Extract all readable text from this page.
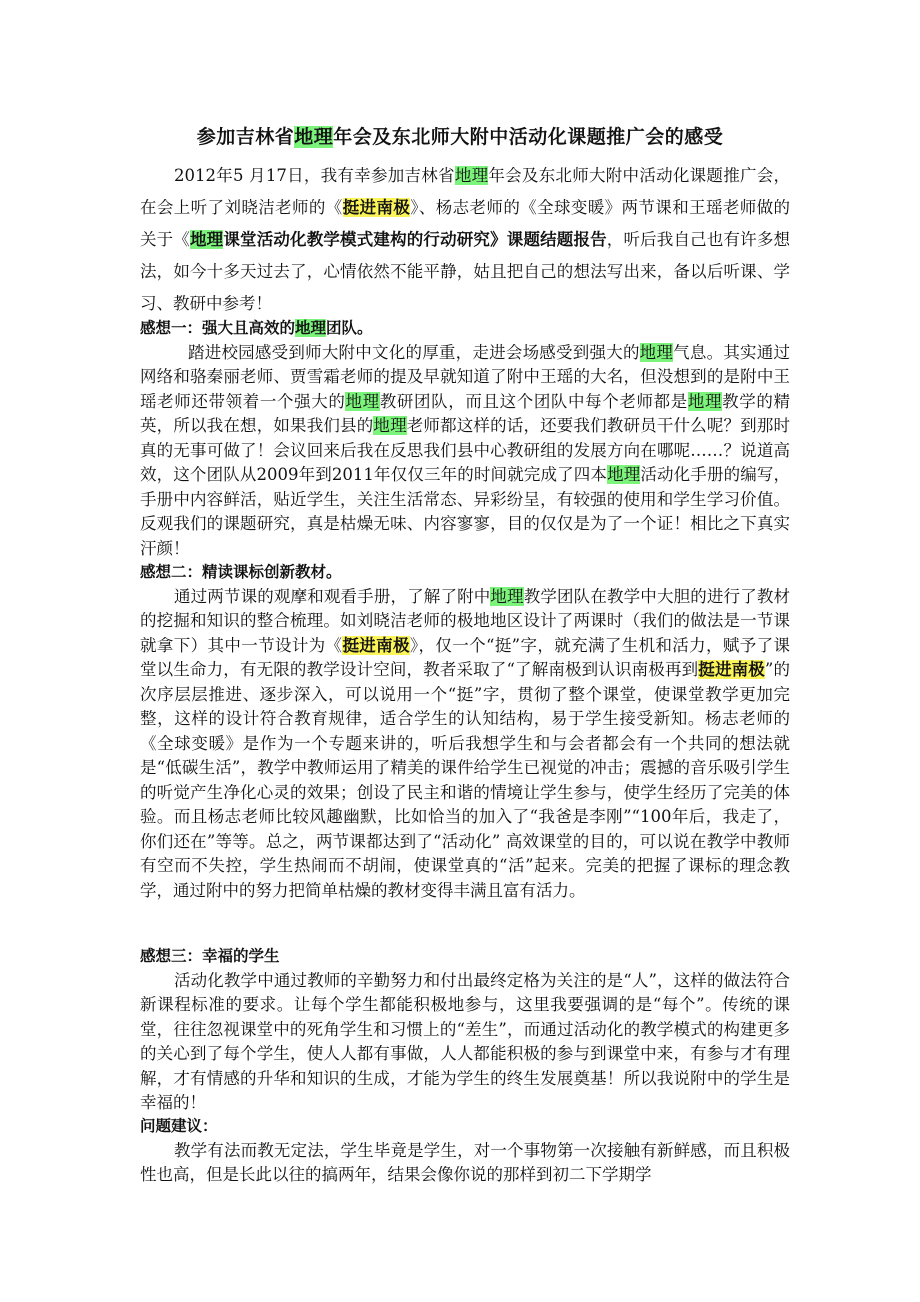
参加吉林省地理年会及东北师大附中活动化课题推广会的感受
2012年5 月17日，我有幸参加吉林省地理年会及东北师大附中活动化课题推广会，在会上听了刘晓洁老师的《挺进南极》、杨志老师的《全球变暖》两节课和王瑶老师做的关于《地理课堂活动化教学模式建构的行动研究》课题结题报告，听后我自己也有许多想法，如今十多天过去了，心情依然不能平静，姑且把自己的想法写出来，备以后听课、学习、教研中参考！
感想一：强大且高效的地理团队。
踏进校园感受到师大附中文化的厚重，走进会场感受到强大的地理气息。其实通过网络和骆秦丽老师、贾雪霜老师的提及早就知道了附中王瑶的大名，但没想到的是附中王瑶老师还带领着一个强大的地理教研团队，而且这个团队中每个老师都是地理教学的精英，所以我在想，如果我们县的地理老师都这样的话，还要我们教研员干什么呢？到那时真的无事可做了！会议回来后我在反思我们县中心教研组的发展方向在哪呢……？说道高效，这个团队从2009年到2011年仅仅三年的时间就完成了四本地理活动化手册的编写，手册中内容鲜活，贴近学生，关注生活常态、异彩纷呈，有较强的使用和学生学习价值。反观我们的课题研究，真是枯燥无味、内容寥寥，目的仅仅是为了一个证！相比之下真实汗颜！
感想二：精读课标创新教材。
通过两节课的观摩和观看手册，了解了附中地理教学团队在教学中大胆的进行了教材的挖掘和知识的整合梳理。如刘晓洁老师的极地地区设计了两课时（我们的做法是一节课就拿下）其中一节设计为《挺进南极》，仅一个“挺”字，就充满了生机和活力，赋予了课堂以生命力，有无限的教学设计空间，教者采取了“了解南极到认识南极再到挺进南极”的次序层层推进、逐步深入，可以说用一个“挺”字，贯彻了整个课堂，使课堂教学更加完整，这样的设计符合教育规律，适合学生的认知结构，易于学生接受新知。杨志老师的《全球变暖》是作为一个专题来讲的，听后我想学生和与会者都会有一个共同的想法就是“低碳生活”，教学中教师运用了精美的课件给学生已视觉的冲击；震撼的音乐吸引学生的听觉产生净化心灵的效果；创设了民主和谐的情境让学生参与，使学生经历了完美的体验。而且杨志老师比较风趣幽默，比如恰当的加入了“我爸是李刚”“100年后，我走了，你们还在”等等。总之，两节课都达到了“活动化” 高效课堂的目的，可以说在教学中教师有空而不失控，学生热闹而不胡闹，使课堂真的“活”起来。完美的把握了课标的理念教学，通过附中的努力把简单枯燥的教材变得丰满且富有活力。
感想三：幸福的学生
活动化教学中通过教师的辛勤努力和付出最终定格为关注的是“人”，这样的做法符合新课程标准的要求。让每个学生都能积极地参与，这里我要强调的是“每个”。传统的课堂，往往忽视课堂中的死角学生和习惯上的“差生”，而通过活动化的教学模式的构建更多的关心到了每个学生，使人人都有事做，人人都能积极的参与到课堂中来，有参与才有理解，才有情感的升华和知识的生成，才能为学生的终生发展奠基！所以我说附中的学生是幸福的！
问题建议：
教学有法而教无定法，学生毕竟是学生，对一个事物第一次接触有新鲜感，而且积极性也高，但是长此以往的搞两年，结果会像你说的那样到初二下学期学
